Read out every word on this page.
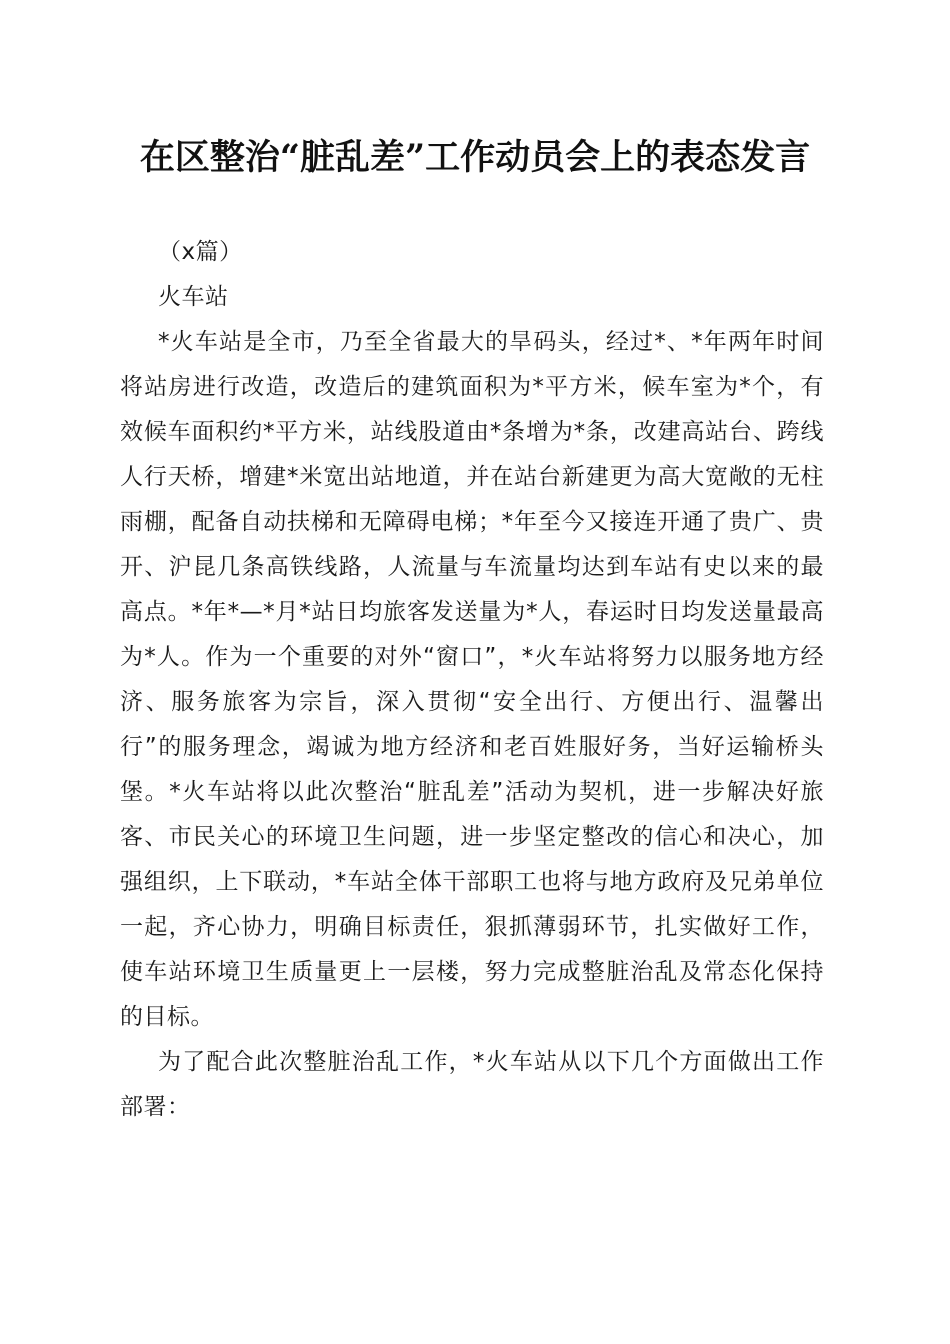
在区整治“脏乱差”工作动员会上的表态发言

（x篇）

火车站

*火车站是全市，乃至全省最大的旱码头，经过*、*年两年时间将站房进行改造，改造后的建筑面积为*平方米，候车室为*个，有效候车面积约*平方米，站线股道由*条增为*条，改建高站台、跨线人行天桥，增建*米宽出站地道，并在站台新建更为高大宽敞的无柱雨棚，配备自动扶梯和无障碍电梯；*年至今又接连开通了贵广、贵开、沪昆几条高铁线路，人流量与车流量均达到车站有史以来的最高点。*年*—*月*站日均旅客发送量为*人，春运时日均发送量最高为*人。作为一个重要的对外“窗口”，*火车站将努力以服务地方经济、服务旅客为宗旨，深入贯彻“安全出行、方便出行、温馨出行”的服务理念，竭诚为地方经济和老百姓服好务，当好运输桥头堡。*火车站将以此次整治“脏乱差”活动为契机，进一步解决好旅客、市民关心的环境卫生问题，进一步坚定整改的信心和决心，加强组织，上下联动，*车站全体干部职工也将与地方政府及兄弟单位一起，齐心协力，明确目标责任，狠抓薄弱环节，扎实做好工作，使车站环境卫生质量更上一层楼，努力完成整脏治乱及常态化保持的目标。

为了配合此次整脏治乱工作，*火车站从以下几个方面做出工作部署：
